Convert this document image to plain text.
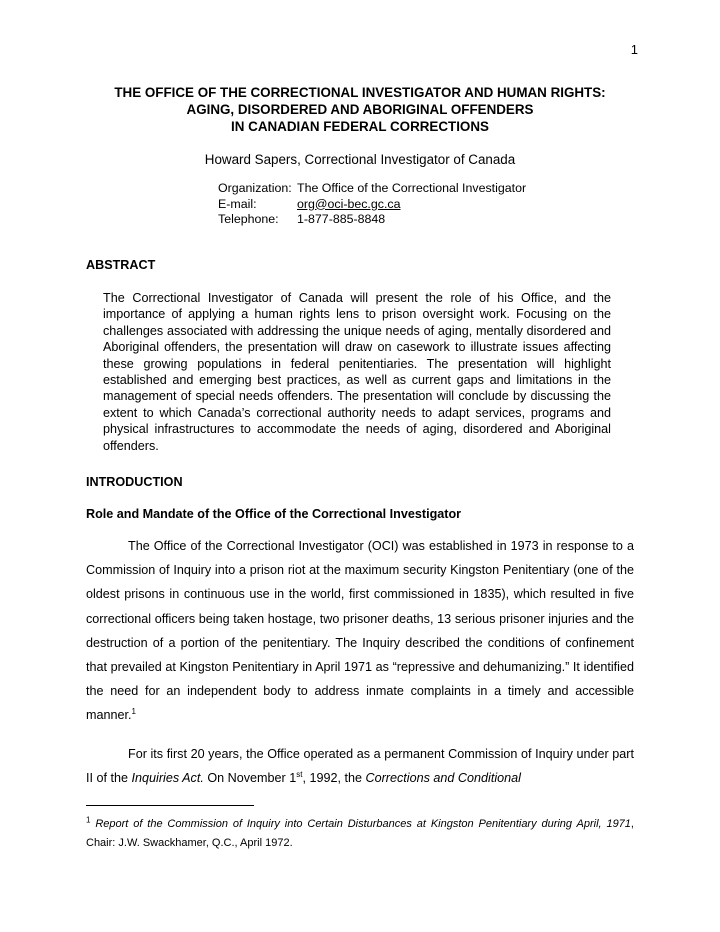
1
THE OFFICE OF THE CORRECTIONAL INVESTIGATOR AND HUMAN RIGHTS:
AGING, DISORDERED AND ABORIGINAL OFFENDERS
IN CANADIAN FEDERAL CORRECTIONS
Howard Sapers, Correctional Investigator of Canada
Organization: The Office of the Correctional Investigator
E-mail:	org@oci-bec.gc.ca
Telephone:	1-877-885-8848
ABSTRACT

The Correctional Investigator of Canada will present the role of his Office, and the importance of applying a human rights lens to prison oversight work. Focusing on the challenges associated with addressing the unique needs of aging, mentally disordered and Aboriginal offenders, the presentation will draw on casework to illustrate issues affecting these growing populations in federal penitentiaries. The presentation will highlight established and emerging best practices, as well as current gaps and limitations in the management of special needs offenders. The presentation will conclude by discussing the extent to which Canada’s correctional authority needs to adapt services, programs and physical infrastructures to accommodate the needs of aging, disordered and Aboriginal offenders.

INTRODUCTION
Role and Mandate of the Office of the Correctional Investigator

The Office of the Correctional Investigator (OCI) was established in 1973 in response to a Commission of Inquiry into a prison riot at the maximum security Kingston Penitentiary (one of the oldest prisons in continuous use in the world, first commissioned in 1835), which resulted in five correctional officers being taken hostage, two prisoner deaths, 13 serious prisoner injuries and the destruction of a portion of the penitentiary. The Inquiry described the conditions of confinement that prevailed at Kingston Penitentiary in April 1971 as “repressive and dehumanizing.” It identified the need for an independent body to address inmate complaints in a timely and accessible manner.$^1$

For its first 20 years, the Office operated as a permanent Commission of Inquiry under part II of the Inquiries Act. On November 1st, 1992, the Corrections and Conditional

$^1$ Report of the Commission of Inquiry into Certain Disturbances at Kingston Penitentiary during April, 1971, Chair: J.W. Swackhamer, Q.C., April 1972.
